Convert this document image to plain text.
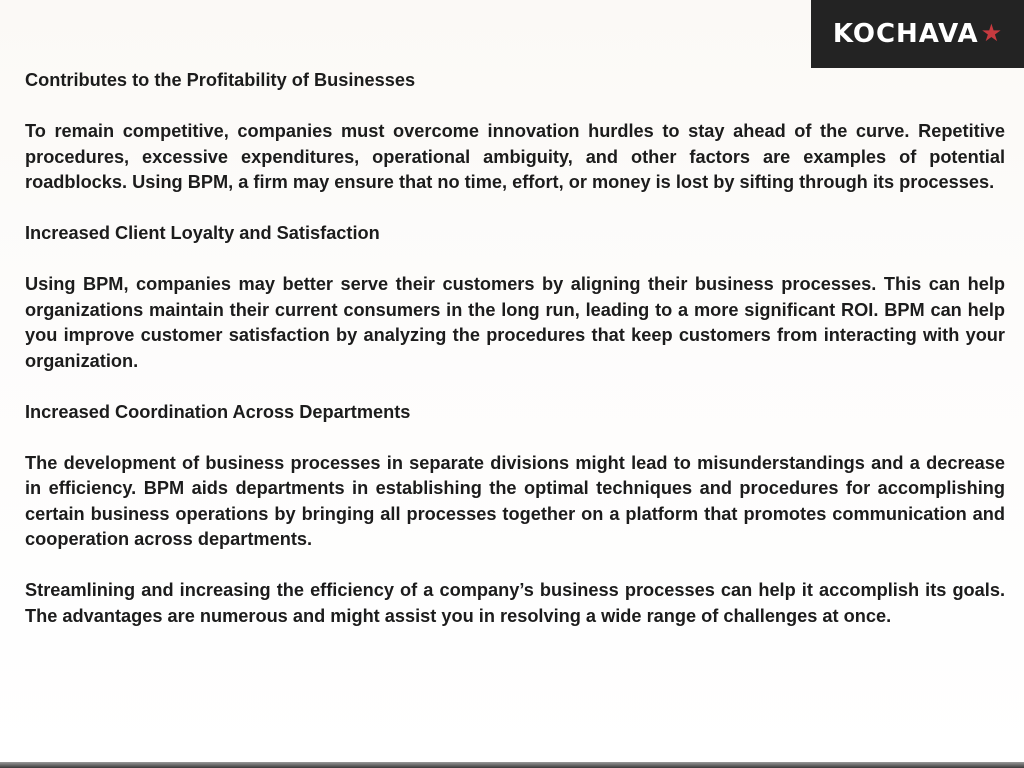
KOCHAVA ★

Contributes to the Profitability of Businesses

To remain competitive, companies must overcome innovation hurdles to stay ahead of the curve. Repetitive procedures, excessive expenditures, operational ambiguity, and other factors are examples of potential roadblocks. Using BPM, a firm may ensure that no time, effort, or money is lost by sifting through its processes.

Increased Client Loyalty and Satisfaction

Using BPM, companies may better serve their customers by aligning their business processes. This can help organizations maintain their current consumers in the long run, leading to a more significant ROI. BPM can help you improve customer satisfaction by analyzing the procedures that keep customers from interacting with your organization.

Increased Coordination Across Departments

The development of business processes in separate divisions might lead to misunderstandings and a decrease in efficiency. BPM aids departments in establishing the optimal techniques and procedures for accomplishing certain business operations by bringing all processes together on a platform that promotes communication and cooperation across departments.

Streamlining and increasing the efficiency of a company’s business processes can help it accomplish its goals. The advantages are numerous and might assist you in resolving a wide range of challenges at once.
